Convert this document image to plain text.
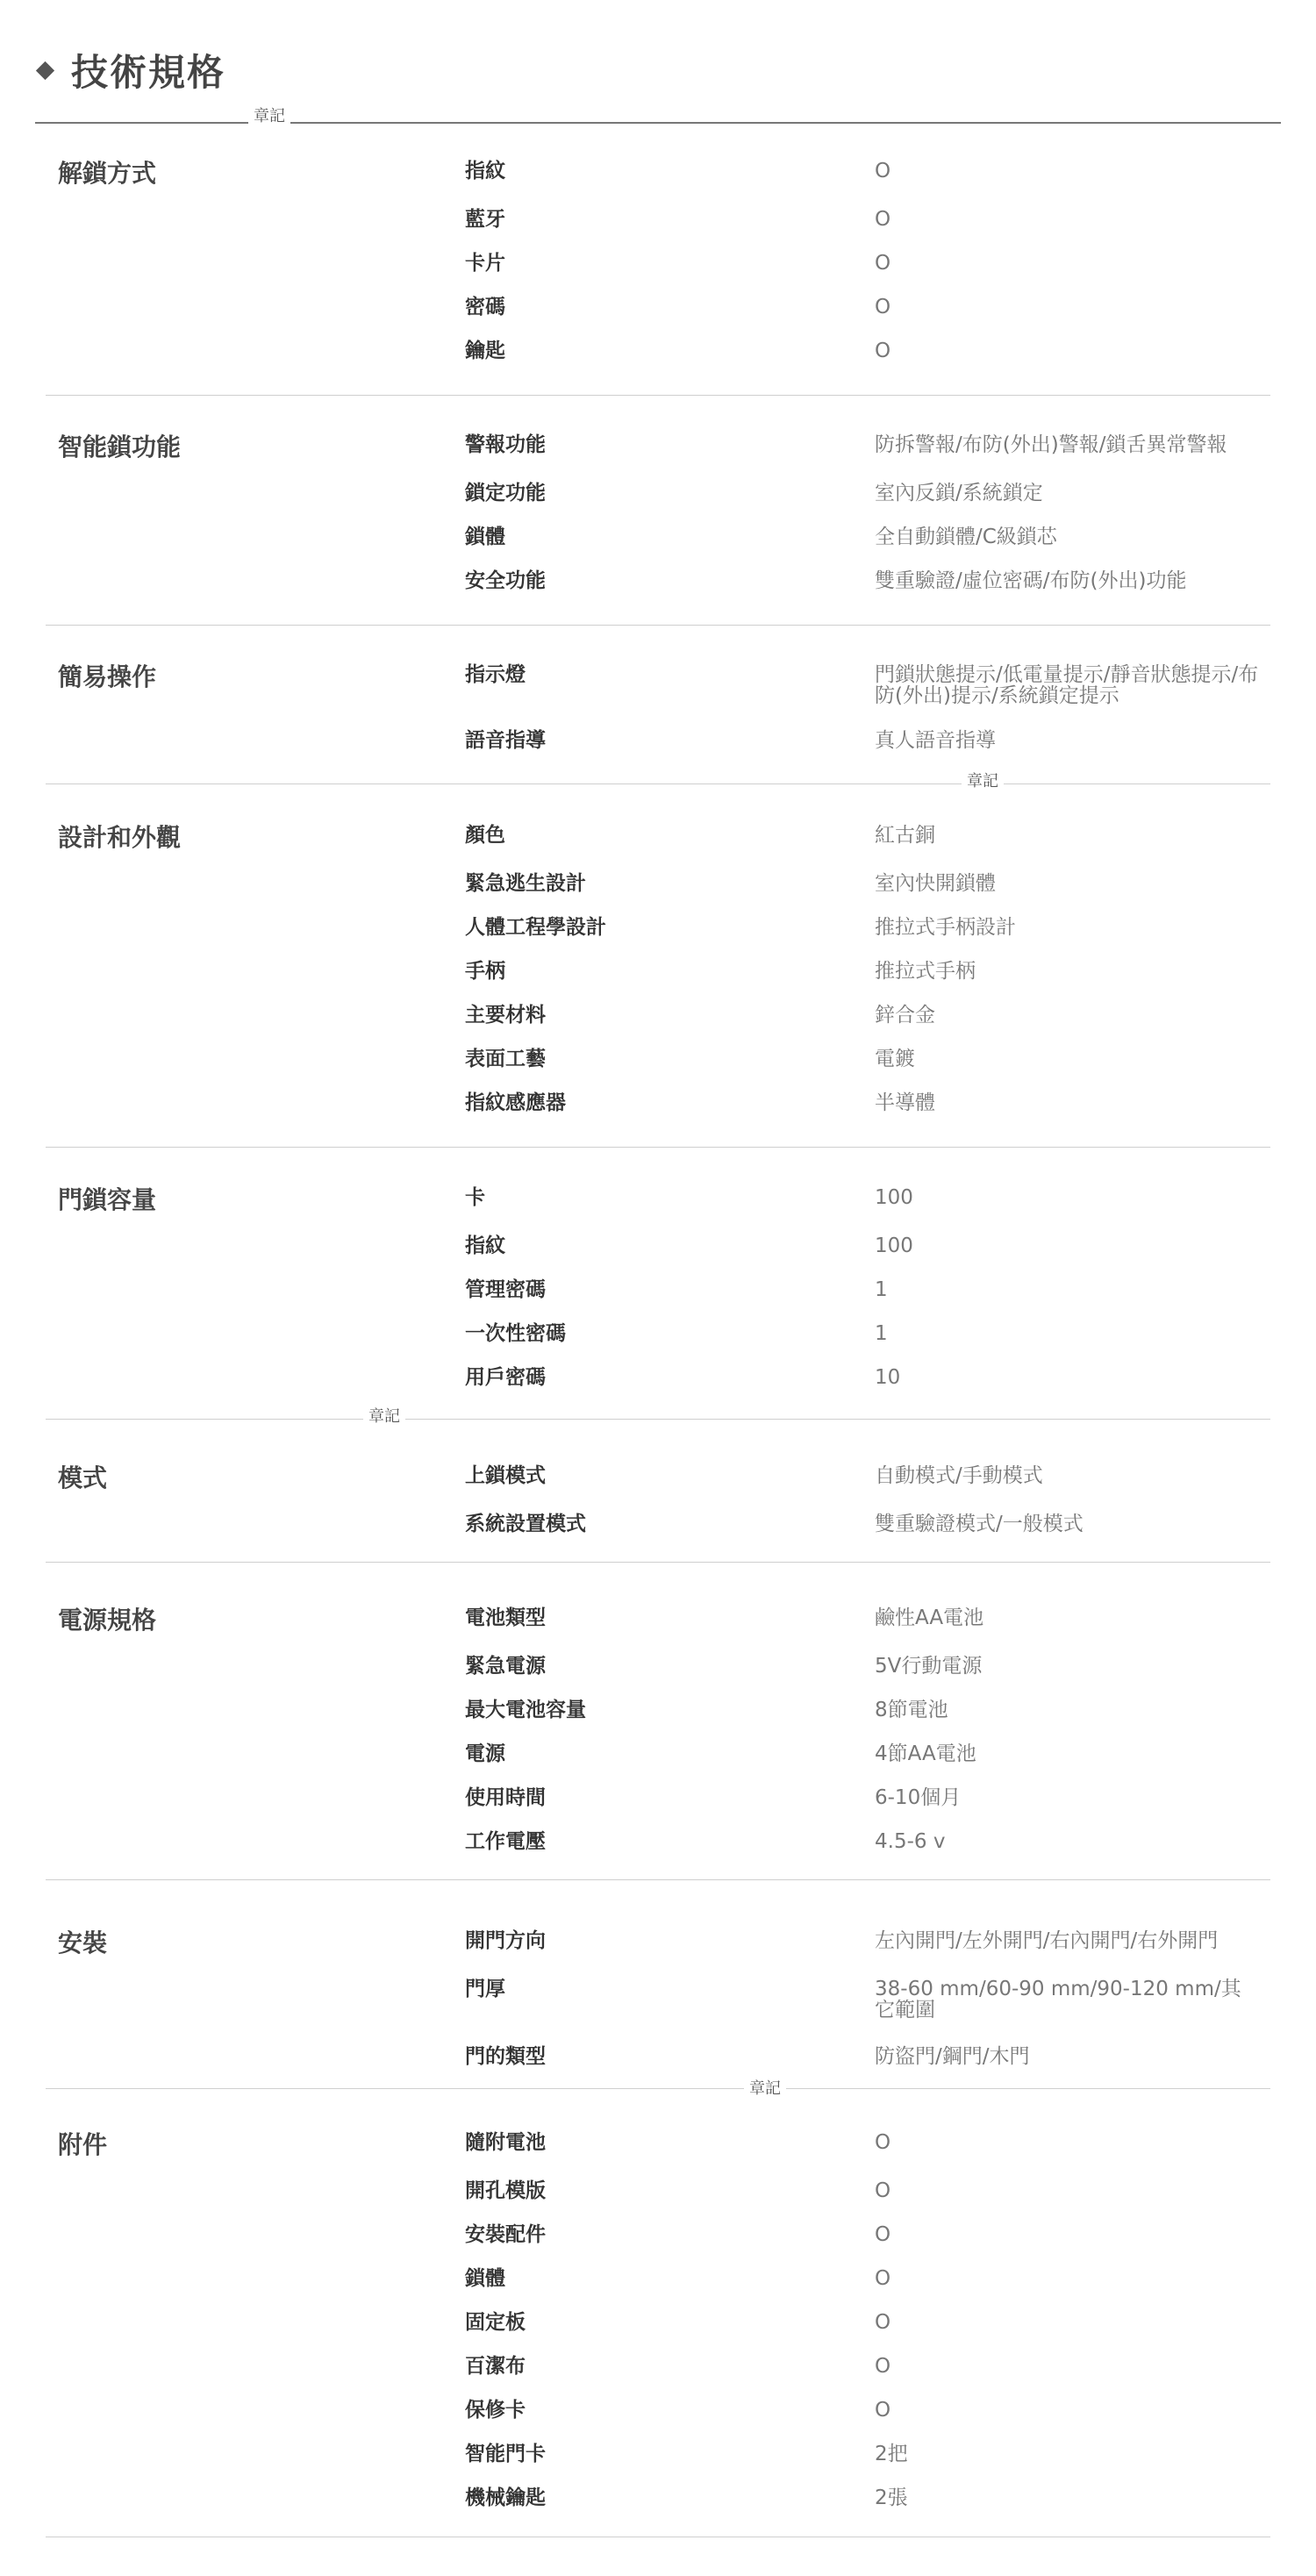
技術規格
解鎖方式	指紋	O
藍牙	O
卡片	O
密碼	O
鑰匙	O
智能鎖功能	警報功能	防拆警報/布防(外出)警報/鎖舌異常警報
鎖定功能	室內反鎖/系統鎖定
鎖體	全自動鎖體/C級鎖芯
安全功能	雙重驗證/虛位密碼/布防(外出)功能
簡易操作	指示燈	門鎖狀態提示/低電量提示/靜音狀態提示/布防(外出)提示/系統鎖定提示
語音指導	真人語音指導
設計和外觀	顏色	紅古銅
緊急逃生設計	室內快開鎖體
人體工程學設計	推拉式手柄設計
手柄	推拉式手柄
主要材料	鋅合金
表面工藝	電鍍
指紋感應器	半導體
門鎖容量	卡	100
指紋	100
管理密碼	1
一次性密碼	1
用戶密碼	10
模式	上鎖模式	自動模式/手動模式
系統設置模式	雙重驗證模式/一般模式
電源規格	電池類型	鹼性AA電池
緊急電源	5V行動電源
最大電池容量	8節電池
電源	4節AA電池
使用時間	6-10個月
工作電壓	4.5-6 v
安裝	開門方向	左內開門/左外開門/右內開門/右外開門
門厚	38-60 mm/60-90 mm/90-120 mm/其它範圍
門的類型	防盜門/鋼門/木門
附件	隨附電池	O
開孔模版	O
安裝配件	O
鎖體	O
固定板	O
百潔布	O
保修卡	O
智能門卡	2把
機械鑰匙	2張
章記
章記
章記
章記
